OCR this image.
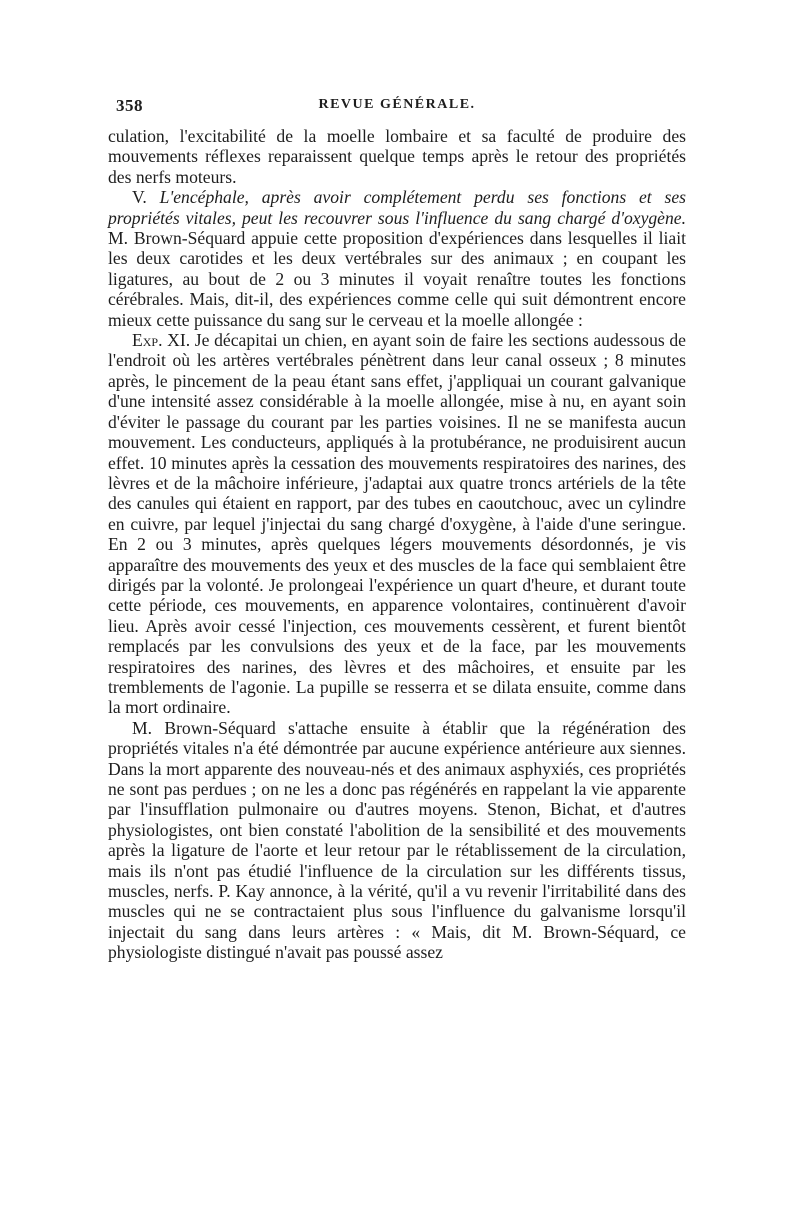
358	REVUE GÉNÉRALE.

culation, l'excitabilité de la moelle lombaire et sa faculté de produire des mouvements réflexes reparaissent quelque temps après le retour des propriétés des nerfs moteurs.

V. L'encéphale, après avoir complétement perdu ses fonctions et ses propriétés vitales, peut les recouvrer sous l'influence du sang chargé d'oxygène. M. Brown-Séquard appuie cette proposition d'expériences dans lesquelles il liait les deux carotides et les deux vertébrales sur des animaux ; en coupant les ligatures, au bout de 2 ou 3 minutes il voyait renaître toutes les fonctions cérébrales. Mais, dit-il, des expériences comme celle qui suit démontrent encore mieux cette puissance du sang sur le cerveau et la moelle allongée :

Exp. XI. Je décapitai un chien, en ayant soin de faire les sections audessous de l'endroit où les artères vertébrales pénètrent dans leur canal osseux ; 8 minutes après, le pincement de la peau étant sans effet, j'appliquai un courant galvanique d'une intensité assez considérable à la moelle allongée, mise à nu, en ayant soin d'éviter le passage du courant par les parties voisines. Il ne se manifesta aucun mouvement. Les conducteurs, appliqués à la protubérance, ne produisirent aucun effet. 10 minutes après la cessation des mouvements respiratoires des narines, des lèvres et de la mâchoire inférieure, j'adaptai aux quatre troncs artériels de la tête des canules qui étaient en rapport, par des tubes en caoutchouc, avec un cylindre en cuivre, par lequel j'injectai du sang chargé d'oxygène, à l'aide d'une seringue. En 2 ou 3 minutes, après quelques légers mouvements désordonnés, je vis apparaître des mouvements des yeux et des muscles de la face qui semblaient être dirigés par la volonté. Je prolongeai l'expérience un quart d'heure, et durant toute cette période, ces mouvements, en apparence volontaires, continuèrent d'avoir lieu. Après avoir cessé l'injection, ces mouvements cessèrent, et furent bientôt remplacés par les convulsions des yeux et de la face, par les mouvements respiratoires des narines, des lèvres et des mâchoires, et ensuite par les tremblements de l'agonie. La pupille se resserra et se dilata ensuite, comme dans la mort ordinaire.

M. Brown-Séquard s'attache ensuite à établir que la régénération des propriétés vitales n'a été démontrée par aucune expérience antérieure aux siennes. Dans la mort apparente des nouveau-nés et des animaux asphyxiés, ces propriétés ne sont pas perdues ; on ne les a donc pas régénérés en rappelant la vie apparente par l'insufflation pulmonaire ou d'autres moyens. Stenon, Bichat, et d'autres physiologistes, ont bien constaté l'abolition de la sensibilité et des mouvements après la ligature de l'aorte et leur retour par le rétablissement de la circulation, mais ils n'ont pas étudié l'influence de la circulation sur les différents tissus, muscles, nerfs. P. Kay annonce, à la vérité, qu'il a vu revenir l'irritabilité dans des muscles qui ne se contractaient plus sous l'influence du galvanisme lorsqu'il injectait du sang dans leurs artères : « Mais, dit M. Brown-Séquard, ce physiologiste distingué n'avait pas poussé assez
